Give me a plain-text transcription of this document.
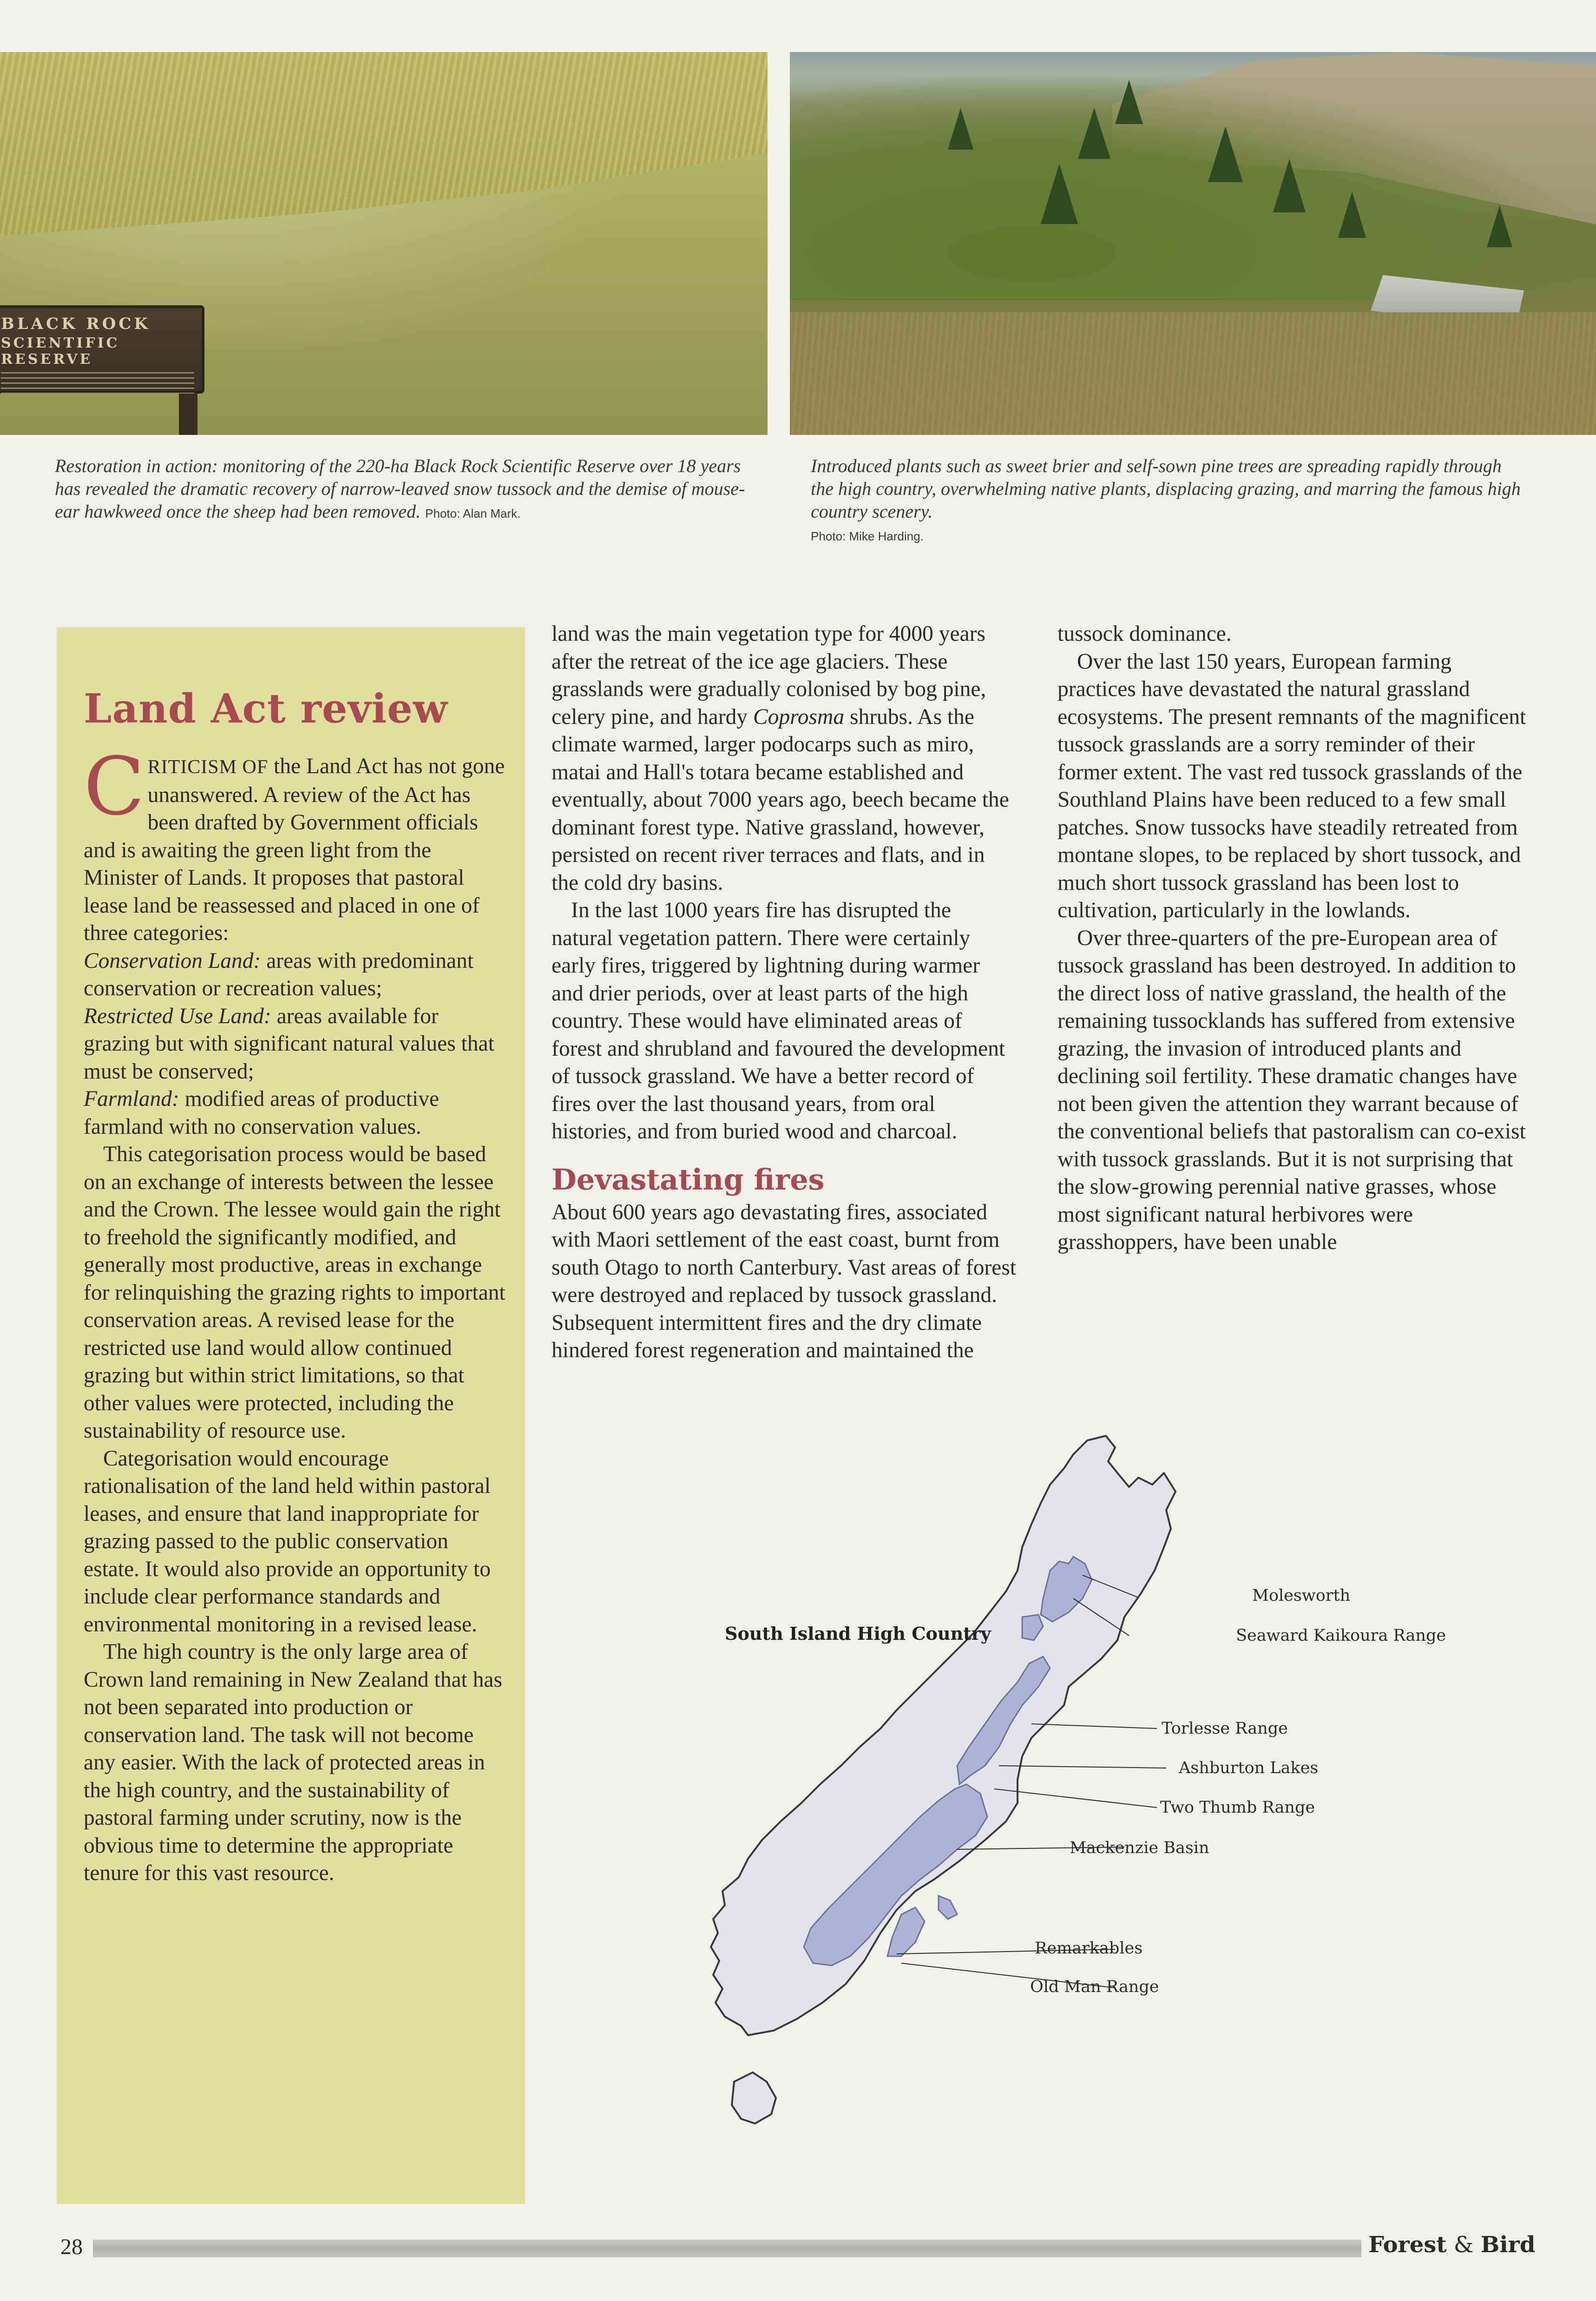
BLACK ROCK
SCIENTIFIC RESERVE

Restoration in action: monitoring of the 220-ha Black Rock Scientific Reserve over 18 years has revealed the dramatic recovery of narrow-leaved snow tussock and the demise of mouse-ear hawkweed once the sheep had been removed. Photo: Alan Mark.

Introduced plants such as sweet brier and self-sown pine trees are spreading rapidly through the high country, overwhelming native plants, displacing grazing, and marring the famous high country scenery.
Photo: Mike Harding.

Land Act review

CRITICISM OF the Land Act has not gone unanswered. A review of the Act has been drafted by Government officials and is awaiting the green light from the Minister of Lands. It proposes that pastoral lease land be reassessed and placed in one of three categories:
Conservation Land: areas with predominant conservation or recreation values;
Restricted Use Land: areas available for grazing but with significant natural values that must be conserved;
Farmland: modified areas of productive farmland with no conservation values.

This categorisation process would be based on an exchange of interests between the lessee and the Crown. The lessee would gain the right to freehold the significantly modified, and generally most productive, areas in exchange for relinquishing the grazing rights to important conservation areas. A revised lease for the restricted use land would allow continued grazing but within strict limitations, so that other values were protected, including the sustainability of resource use.

Categorisation would encourage rationalisation of the land held within pastoral leases, and ensure that land inappropriate for grazing passed to the public conservation estate. It would also provide an opportunity to include clear performance standards and environmental monitoring in a revised lease.

The high country is the only large area of Crown land remaining in New Zealand that has not been separated into production or conservation land. The task will not become any easier. With the lack of protected areas in the high country, and the sustainability of pastoral farming under scrutiny, now is the obvious time to determine the appropriate tenure for this vast resource.

land was the main vegetation type for 4000 years after the retreat of the ice age glaciers. These grasslands were gradually colonised by bog pine, celery pine, and hardy Coprosma shrubs. As the climate warmed, larger podocarps such as miro, matai and Hall's totara became established and eventually, about 7000 years ago, beech became the dominant forest type. Native grassland, however, persisted on recent river terraces and flats, and in the cold dry basins.

In the last 1000 years fire has disrupted the natural vegetation pattern. There were certainly early fires, triggered by lightning during warmer and drier periods, over at least parts of the high country. These would have eliminated areas of forest and shrubland and favoured the development of tussock grassland. We have a better record of fires over the last thousand years, from oral histories, and from buried wood and charcoal.

Devastating fires

About 600 years ago devastating fires, associated with Maori settlement of the east coast, burnt from south Otago to north Canterbury. Vast areas of forest were destroyed and replaced by tussock grassland. Subsequent intermittent fires and the dry climate hindered forest regeneration and maintained the

tussock dominance.

Over the last 150 years, European farming practices have devastated the natural grassland ecosystems. The present remnants of the magnificent tussock grasslands are a sorry reminder of their former extent. The vast red tussock grasslands of the Southland Plains have been reduced to a few small patches. Snow tussocks have steadily retreated from montane slopes, to be replaced by short tussock, and much short tussock grassland has been lost to cultivation, particularly in the lowlands.

Over three-quarters of the pre-European area of tussock grassland has been destroyed. In addition to the direct loss of native grassland, the health of the remaining tussocklands has suffered from extensive grazing, the invasion of introduced plants and declining soil fertility. These dramatic changes have not been given the attention they warrant because of the conventional beliefs that pastoralism can co-exist with tussock grasslands. But it is not surprising that the slow-growing perennial native grasses, whose most significant natural herbivores were grasshoppers, have been unable

South Island High Country
Molesworth
Seaward Kaikoura Range
Torlesse Range
Ashburton Lakes
Two Thumb Range
Mackenzie Basin
Remarkables
Old Man Range
28	Forest & Bird
